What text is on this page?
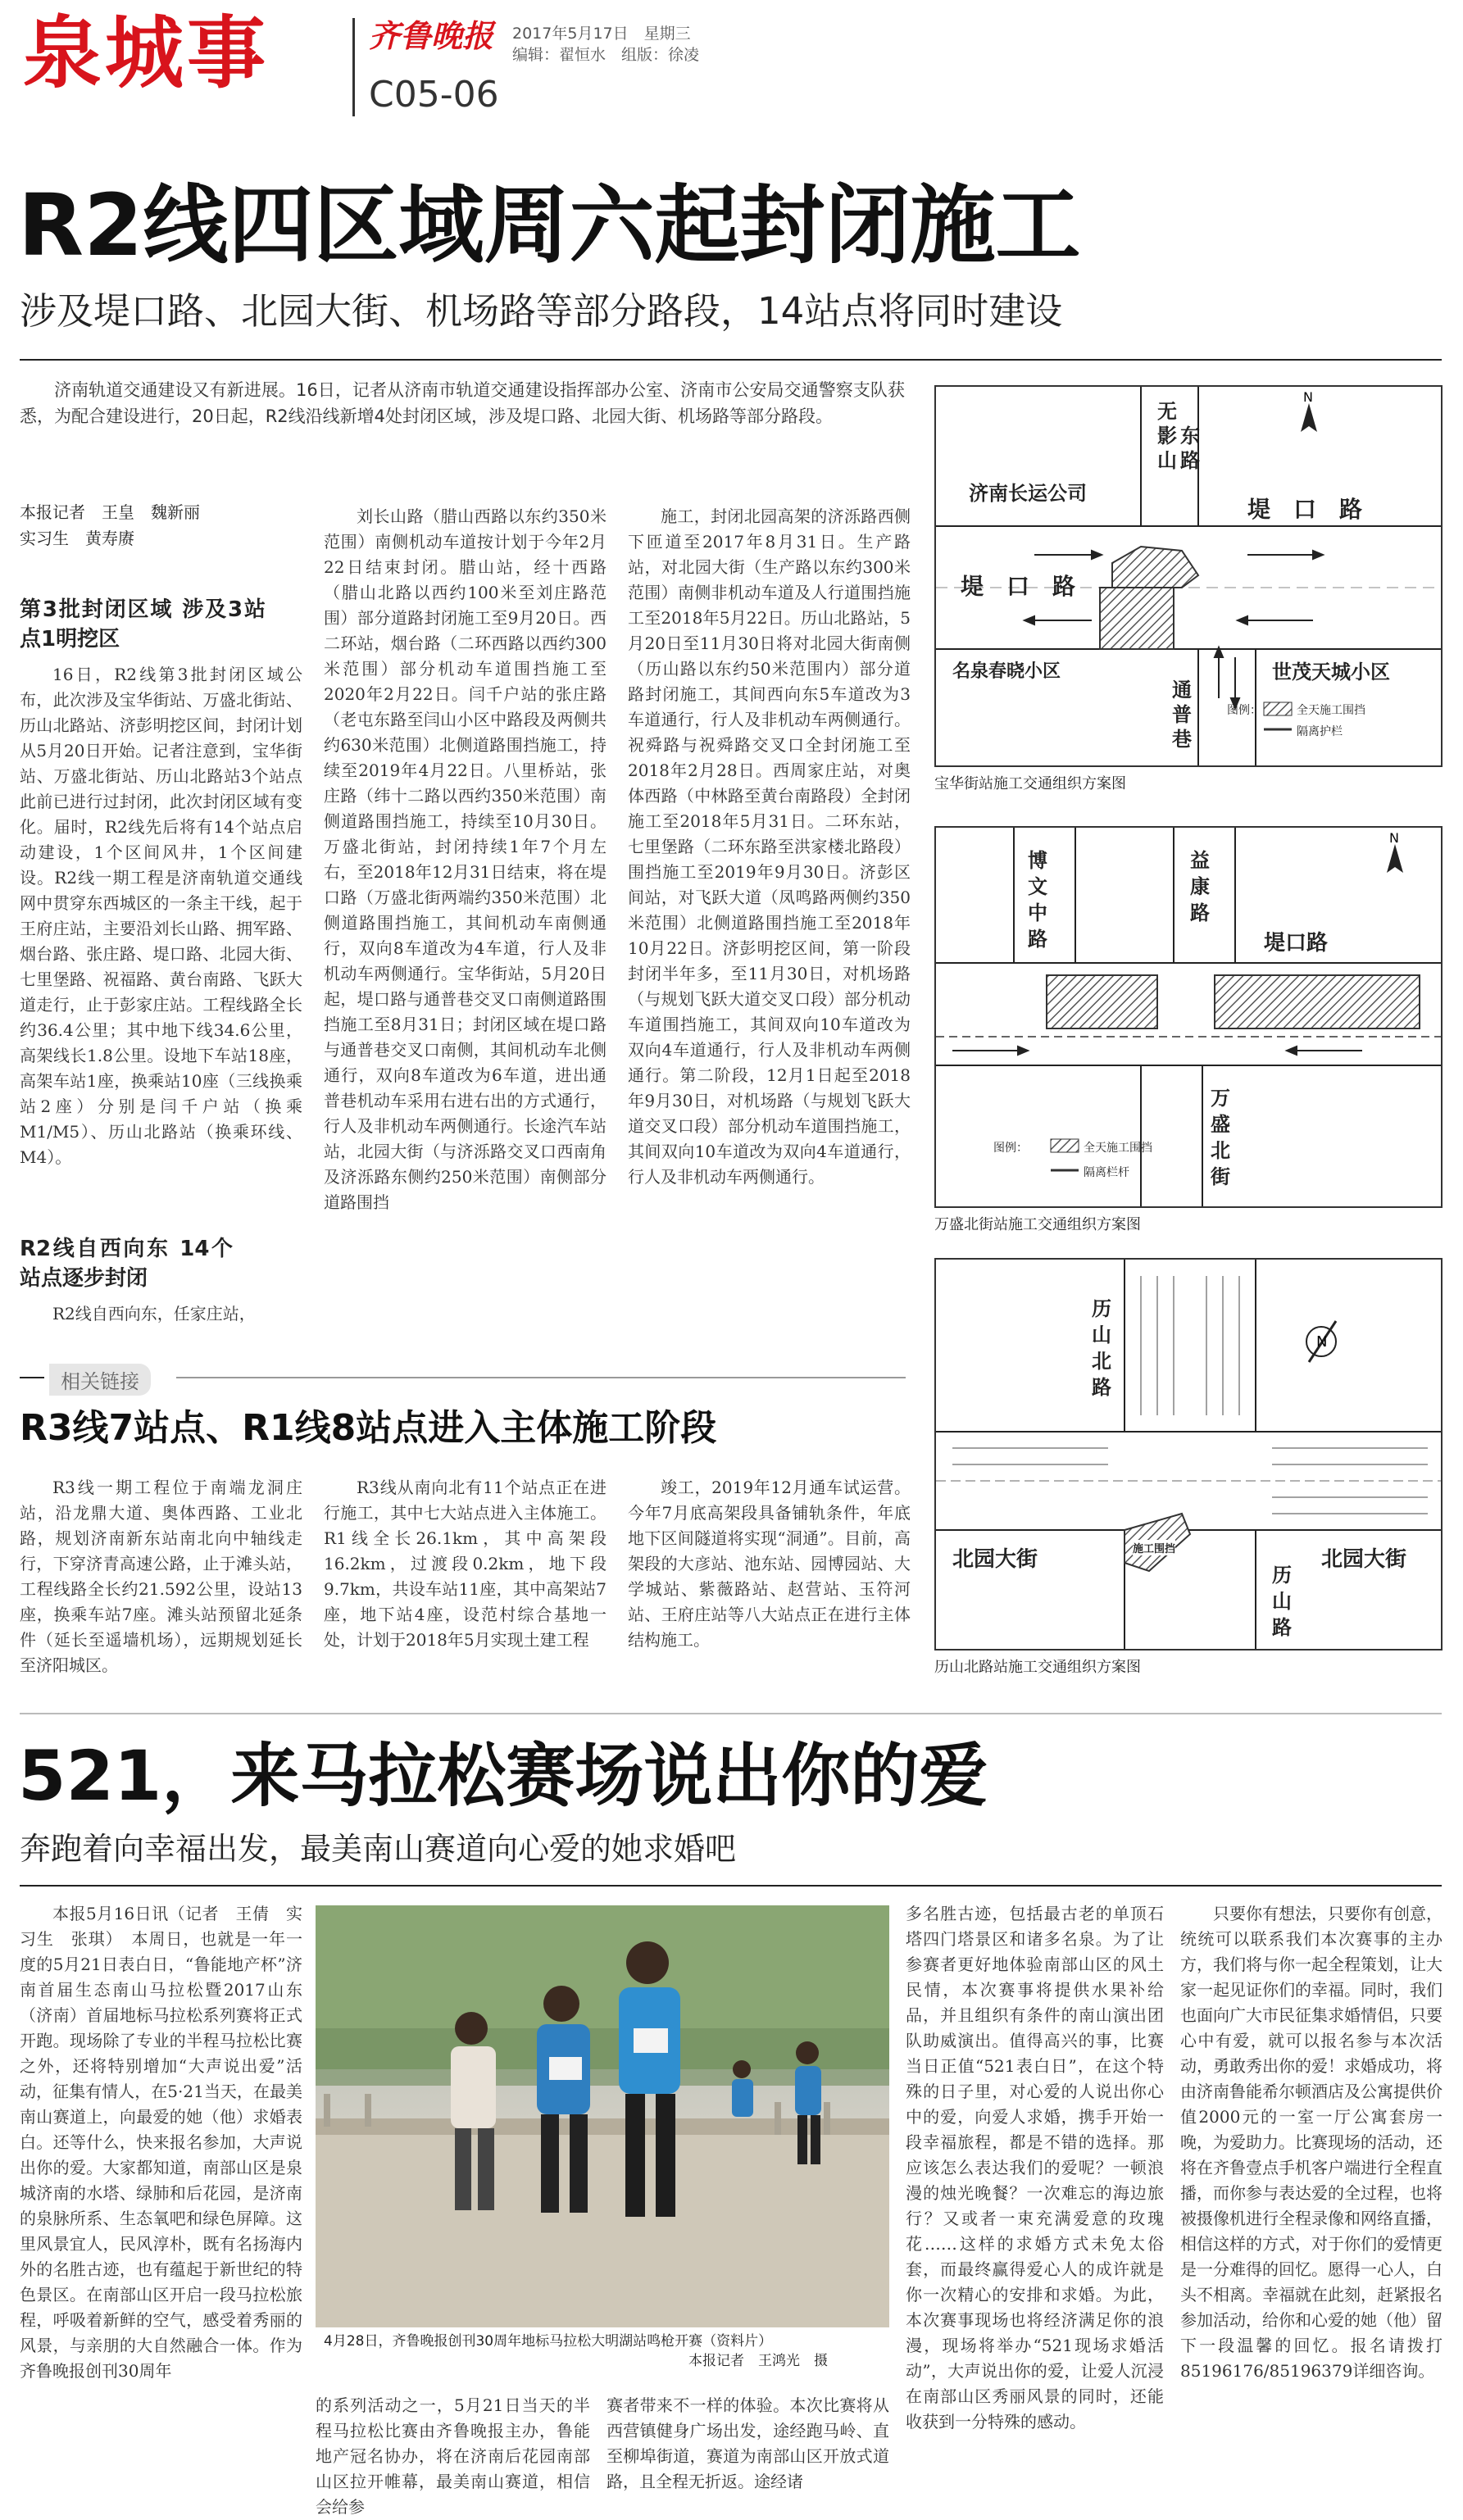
泉城事	齐鲁晚报 2017年5月17日　星期三
编辑：翟恒水　组版：徐凌
C05-06
R2线四区域周六起封闭施工
涉及堤口路、北园大街、机场路等部分路段，14站点将同时建设

济南轨道交通建设又有新进展。16日，记者从济南市轨道交通建设指挥部办公室、济南市公安局交通警察支队获悉，为配合建设进行，20日起，R2线沿线新增4处封闭区域，涉及堤口路、北园大街、机场路等部分路段。

本报记者　王皇　魏新丽
实习生　黄寿赓
第3批封闭区域 涉及3站点1明挖区

16日，R2线第3批封闭区域公布，此次涉及宝华街站、万盛北街站、历山北路站、济彭明挖区间，封闭计划从5月20日开始。记者注意到，宝华街站、万盛北街站、历山北路站3个站点此前已进行过封闭，此次封闭区域有变化。届时，R2线先后将有14个站点启动建设，1个区间风井，1个区间建设。R2线一期工程是济南轨道交通线网中贯穿东西城区的一条主干线，起于王府庄站，主要沿刘长山路、拥军路、烟台路、张庄路、堤口路、北园大街、七里堡路、祝福路、黄台南路、飞跃大道走行，止于彭家庄站。工程线路全长约36.4公里；其中地下线34.6公里，高架线长1.8公里。设地下车站18座，高架车站1座，换乘站10座（三线换乘站2座）分别是闫千户站（换乘M1/M5）、历山北路站（换乘环线、M4）。

R2线自西向东 14个站点逐步封闭

R2线自西向东，任家庄站，

刘长山路（腊山西路以东约350米范围）南侧机动车道按计划于今年2月22日结束封闭。腊山站，经十西路（腊山北路以西约100米至刘庄路范围）部分道路封闭施工至9月20日。西二环站，烟台路（二环西路以西约300米范围）部分机动车道围挡施工至2020年2月22日。闫千户站的张庄路（老屯东路至闫山小区中路段及两侧共约630米范围）北侧道路围挡施工，持续至2019年4月22日。八里桥站，张庄路（纬十二路以西约350米范围）南侧道路围挡施工，持续至10月30日。万盛北街站，封闭持续1年7个月左右，至2018年12月31日结束，将在堤口路（万盛北街两端约350米范围）北侧道路围挡施工，其间机动车南侧通行，双向8车道改为4车道，行人及非机动车两侧通行。宝华街站，5月20日起，堤口路与通普巷交叉口南侧道路围挡施工至8月31日；封闭区域在堤口路与通普巷交叉口南侧，其间机动车北侧通行，双向8车道改为6车道，进出通普巷机动车采用右进右出的方式通行，行人及非机动车两侧通行。长途汽车站站，北园大街（与济泺路交叉口西南角及济泺路东侧约250米范围）南侧部分道路围挡

施工，封闭北园高架的济泺路西侧下匝道至2017年8月31日。生产路站，对北园大街（生产路以东约300米范围）南侧非机动车道及人行道围挡施工至2018年5月22日。历山北路站，5月20日至11月30日将对北园大街南侧（历山路以东约50米范围内）部分道路封闭施工，其间西向东5车道改为3车道通行，行人及非机动车两侧通行。祝舜路与祝舜路交叉口全封闭施工至2018年2月28日。西周家庄站，对奥体西路（中林路至黄台南路段）全封闭施工至2018年5月31日。二环东站，七里堡路（二环东路至洪家楼北路段）围挡施工至2019年9月30日。济彭区间站，对飞跃大道（凤鸣路两侧约350米范围）北侧道路围挡施工至2018年10月22日。济彭明挖区间，第一阶段封闭半年多，至11月30日，对机场路（与规划飞跃大道交叉口段）部分机动车道围挡施工，其间双向10车道改为双向4车道通行，行人及非机动车两侧通行。第二阶段，12月1日起至2018年9月30日，对机场路（与规划飞跃大道交叉口段）部分机动车道围挡施工，其间双向10车道改为双向4车道通行，行人及非机动车两侧通行。

N
无
影
山
东
路
济南长运公司
堤　口　路
堤　口　路
名泉春晓小区	世茂天城小区
通
普
巷
图例：	全天施工围挡
隔离护栏
宝华街站施工交通组织方案图
N
博
文
中
路
益
康
路
堤口路
万
盛
北
街
图例：	全天施工围挡
隔离栏杆
万盛北街站施工交通组织方案图
N
历
山
北
路
北园大街	北园大街
历
山
路
施工围挡
历山北路站施工交通组织方案图
相关链接
R3线7站点、R1线8站点进入主体施工阶段

R3线一期工程位于南端龙洞庄站，沿龙鼎大道、奥体西路、工业北路，规划济南新东站南北向中轴线走行，下穿济青高速公路，止于滩头站，工程线路全长约21.592公里，设站13座，换乘车站7座。滩头站预留北延条件（延长至遥墙机场），远期规划延长至济阳城区。

R3线从南向北有11个站点正在进行施工，其中七大站点进入主体施工。R1线全长26.1km，其中高架段16.2km，过渡段0.2km，地下段9.7km，共设车站11座，其中高架站7座，地下站4座，设范村综合基地一处，计划于2018年5月实现土建工程

竣工，2019年12月通车试运营。今年7月底高架段具备铺轨条件，年底地下区间隧道将实现“洞通”。目前，高架段的大彦站、池东站、园博园站、大学城站、紫薇路站、赵营站、玉符河站、王府庄站等八大站点正在进行主体结构施工。

521，来马拉松赛场说出你的爱
奔跑着向幸福出发，最美南山赛道向心爱的她求婚吧

本报5月16日讯（记者　王倩　实习生　张琪）　本周日，也就是一年一度的5月21日表白日，“鲁能地产杯”济南首届生态南山马拉松暨2017山东（济南）首届地标马拉松系列赛将正式开跑。现场除了专业的半程马拉松比赛之外，还将特别增加“大声说出爱”活动，征集有情人，在5·21当天，在最美南山赛道上，向最爱的她（他）求婚表白。还等什么，快来报名参加，大声说出你的爱。大家都知道，南部山区是泉城济南的水塔、绿肺和后花园，是济南的泉脉所系、生态氧吧和绿色屏障。这里风景宜人，民风淳朴，既有名扬海内外的名胜古迹，也有蕴起于新世纪的特色景区。在南部山区开启一段马拉松旅程，呼吸着新鲜的空气，感受着秀丽的风景，与亲朋的大自然融合一体。作为齐鲁晚报创刊30周年

4月28日，齐鲁晚报创刊30周年地标马拉松大明湖站鸣枪开赛（资料片）
本报记者　王鸿光　摄

的系列活动之一，5月21日当天的半程马拉松比赛由齐鲁晚报主办，鲁能地产冠名协办，将在济南后花园南部山区拉开帷幕，最美南山赛道，相信会给参

赛者带来不一样的体验。本次比赛将从西营镇健身广场出发，途经跑马岭、直至柳埠街道，赛道为南部山区开放式道路，且全程无折返。途经诸

多名胜古迹，包括最古老的单顶石塔四门塔景区和诸多名泉。为了让参赛者更好地体验南部山区的风土民情，本次赛事将提供水果补给品，并且组织有条件的南山演出团队助威演出。值得高兴的事，比赛当日正值“521表白日”，在这个特殊的日子里，对心爱的人说出你心中的爱，向爱人求婚，携手开始一段幸福旅程，都是不错的选择。那应该怎么表达我们的爱呢？一顿浪漫的烛光晚餐？一次难忘的海边旅行？又或者一束充满爱意的玫瑰花……这样的求婚方式未免太俗套，而最终赢得爱心人的成许就是你一次精心的安排和求婚。为此，本次赛事现场也将经济满足你的浪漫，现场将举办“521现场求婚活动”，大声说出你的爱，让爱人沉浸在南部山区秀丽风景的同时，还能收获到一分特殊的感动。

只要你有想法，只要你有创意，统统可以联系我们本次赛事的主办方，我们将与你一起全程策划，让大家一起见证你们的幸福。同时，我们也面向广大市民征集求婚情侣，只要心中有爱，就可以报名参与本次活动，勇敢秀出你的爱！求婚成功，将由济南鲁能希尔顿酒店及公寓提供价值2000元的一室一厅公寓套房一晚，为爱助力。比赛现场的活动，还将在齐鲁壹点手机客户端进行全程直播，而你参与表达爱的全过程，也将被摄像机进行全程录像和网络直播，相信这样的方式，对于你们的爱情更是一分难得的回忆。愿得一心人，白头不相离。幸福就在此刻，赶紧报名参加活动，给你和心爱的她（他）留下一段温馨的回忆。报名请拨打85196176/85196379详细咨询。
